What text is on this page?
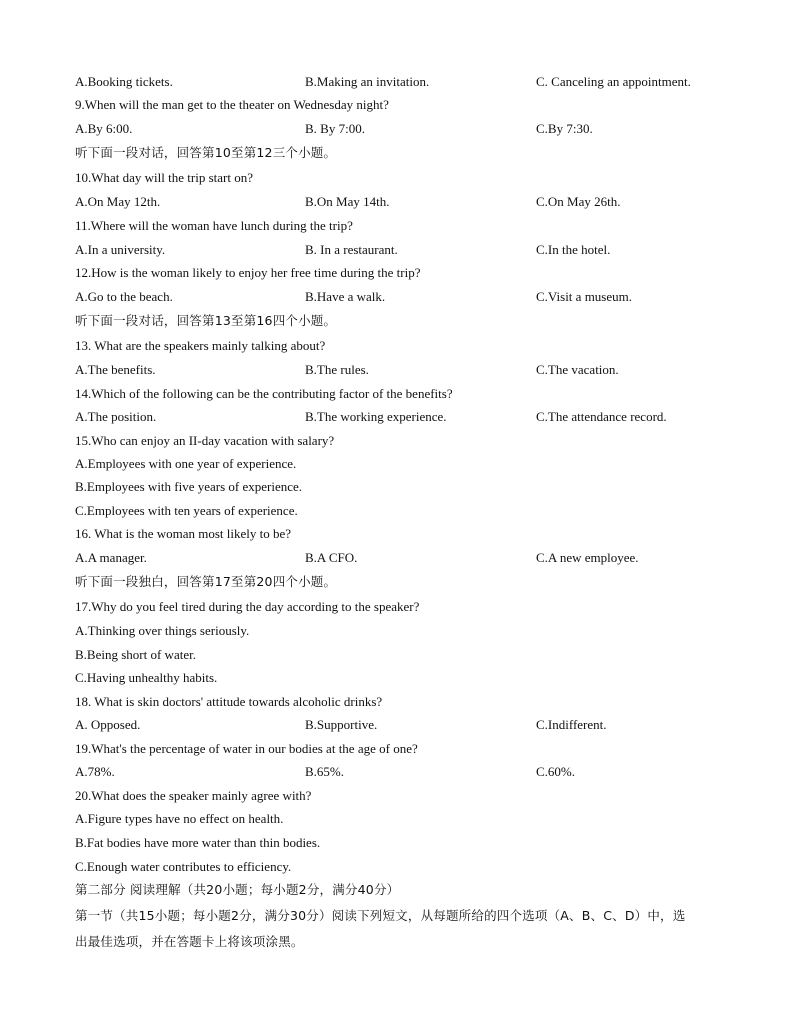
A.Booking tickets.	B.Making an invitation.	C. Canceling an appointment.
9.When will the man get to the theater on Wednesday night?
A.By 6:00.	B. By 7:00.	C.By 7:30.
听下面一段对话，回答第10至第12三个小题。
10.What day will the trip start on?
A.On May 12th.	B.On May 14th.	C.On May 26th.
11.Where will the woman have lunch during the trip?
A.In a university.	B. In a restaurant.	C.In the hotel.
12.How is the woman likely to enjoy her free time during the trip?
A.Go to the beach.	B.Have a walk.	C.Visit a museum.
听下面一段对话，回答第13至第16四个小题。
13. What are the speakers mainly talking about?
A.The benefits.	B.The rules.	C.The vacation.
14.Which of the following can be the contributing factor of the benefits?
A.The position.	B.The working experience.	C.The attendance record.
15.Who can enjoy an II-day vacation with salary?
A.Employees with one year of experience.
B.Employees with five years of experience.
C.Employees with ten years of experience.
16. What is the woman most likely to be?
A.A manager.	B.A CFO.	C.A new employee.
听下面一段独白，回答第17至第20四个小题。
17.Why do you feel tired during the day according to the speaker?
A.Thinking over things seriously.
B.Being short of water.
C.Having unhealthy habits.
18. What is skin doctors' attitude towards alcoholic drinks?
A. Opposed.	B.Supportive.	C.Indifferent.
19.What's the percentage of water in our bodies at the age of one?
A.78%.	B.65%.	C.60%.
20.What does the speaker mainly agree with?
A.Figure types have no effect on health.
B.Fat bodies have more water than thin bodies.
C.Enough water contributes to efficiency.
第二部分 阅读理解（共20小题；每小题2分，满分40分）
第一节（共15小题；每小题2分，满分30分）阅读下列短文，从每题所给的四个选项（A、B、C、D）中，选
出最佳选项，并在答题卡上将该项涂黑。
